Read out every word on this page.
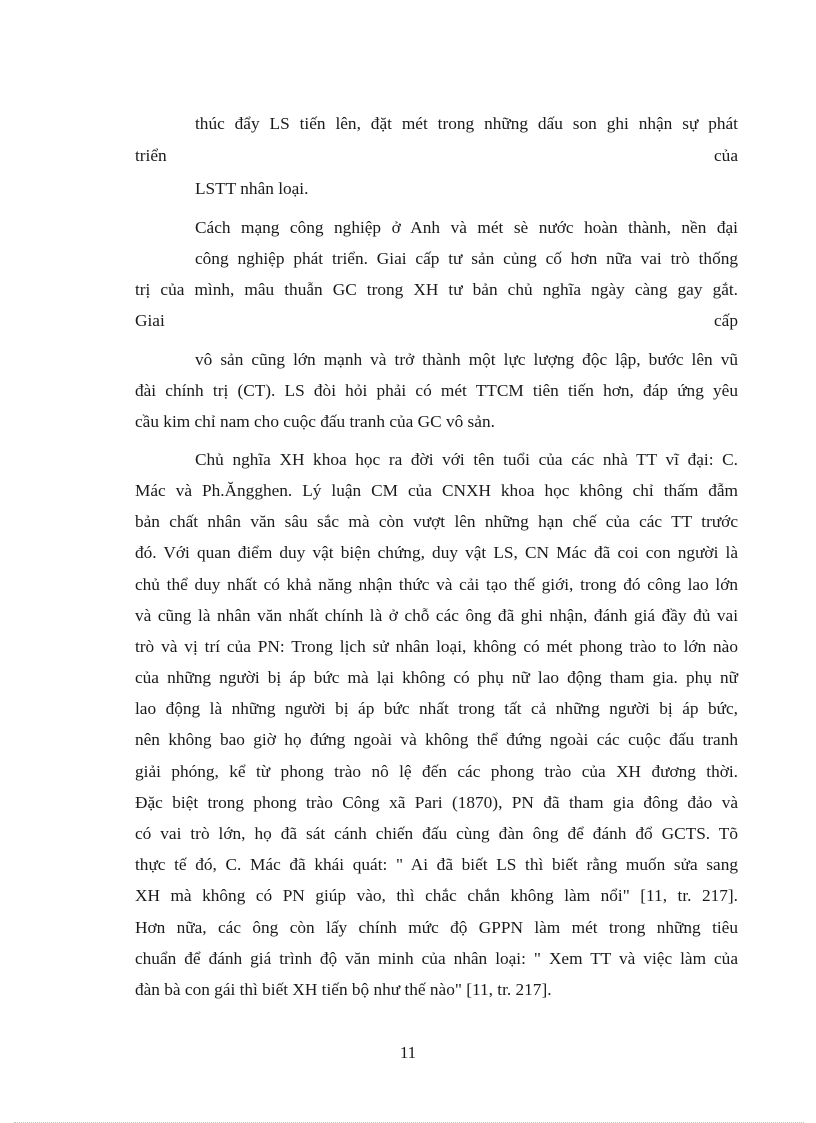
thúc đẩy LS tiến lên, đặt mét trong những dấu son ghi nhận sự phát
triển	của
LSTT nhân loại.
Cách mạng công nghiệp ở Anh và mét sè nước hoàn thành, nền đại
công nghiệp phát triển. Giai cấp tư sản củng cố hơn nữa vai trò thống
trị của mình, mâu thuẫn GC trong XH tư bản chủ nghĩa ngày càng gay gắt.
Giai	cấp
vô sản cũng lớn mạnh và trở thành một lực lượng độc lập, bước lên vũ
đài chính trị (CT). LS đòi hỏi phải có mét TTCM tiên tiến hơn, đáp ứng yêu
cầu kim chỉ nam cho cuộc đấu tranh của GC vô sản.
Chủ nghĩa XH khoa học ra đời với tên tuổi của các nhà TT vĩ đại: C.
Mác và Ph.Ăngghen. Lý luận CM của CNXH khoa học không chỉ thấm đẫm
bản chất nhân văn sâu sắc mà còn vượt lên những hạn chế của các TT trước
đó. Với quan điểm duy vật biện chứng, duy vật LS, CN Mác đã coi con người là
chủ thể duy nhất có khả năng nhận thức và cải tạo thế giới, trong đó công lao lớn
và cũng là nhân văn nhất chính là ở chỗ các ông đã ghi nhận, đánh giá đầy đủ vai
trò và vị trí của PN: Trong lịch sử nhân loại, không có mét phong trào to lớn nào
của những người bị áp bức mà lại không có phụ nữ lao động tham gia. phụ nữ
lao động là những người bị áp bức nhất trong tất cả những người bị áp bức,
nên không bao giờ họ đứng ngoài và không thể đứng ngoài các cuộc đấu tranh
giải phóng, kể từ phong trào nô lệ đến các phong trào của XH đương thời.
Đặc biệt trong phong trào Công xã Pari (1870), PN đã tham gia đông đảo và
có vai trò lớn, họ đã sát cánh chiến đấu cùng đàn ông để đánh đổ GCTS. Tõ
thực tế đó, C. Mác đã khái quát: " Ai đã biết LS thì biết rằng muốn sửa sang
XH mà không có PN giúp vào, thì chắc chắn không làm nổi" [11, tr. 217].
Hơn nữa, các ông còn lấy chính mức độ GPPN làm mét trong những tiêu
chuẩn để đánh giá trình độ văn minh của nhân loại: " Xem TT và việc làm của
đàn bà con gái thì biết XH tiến bộ như thế nào" [11, tr. 217].
11
